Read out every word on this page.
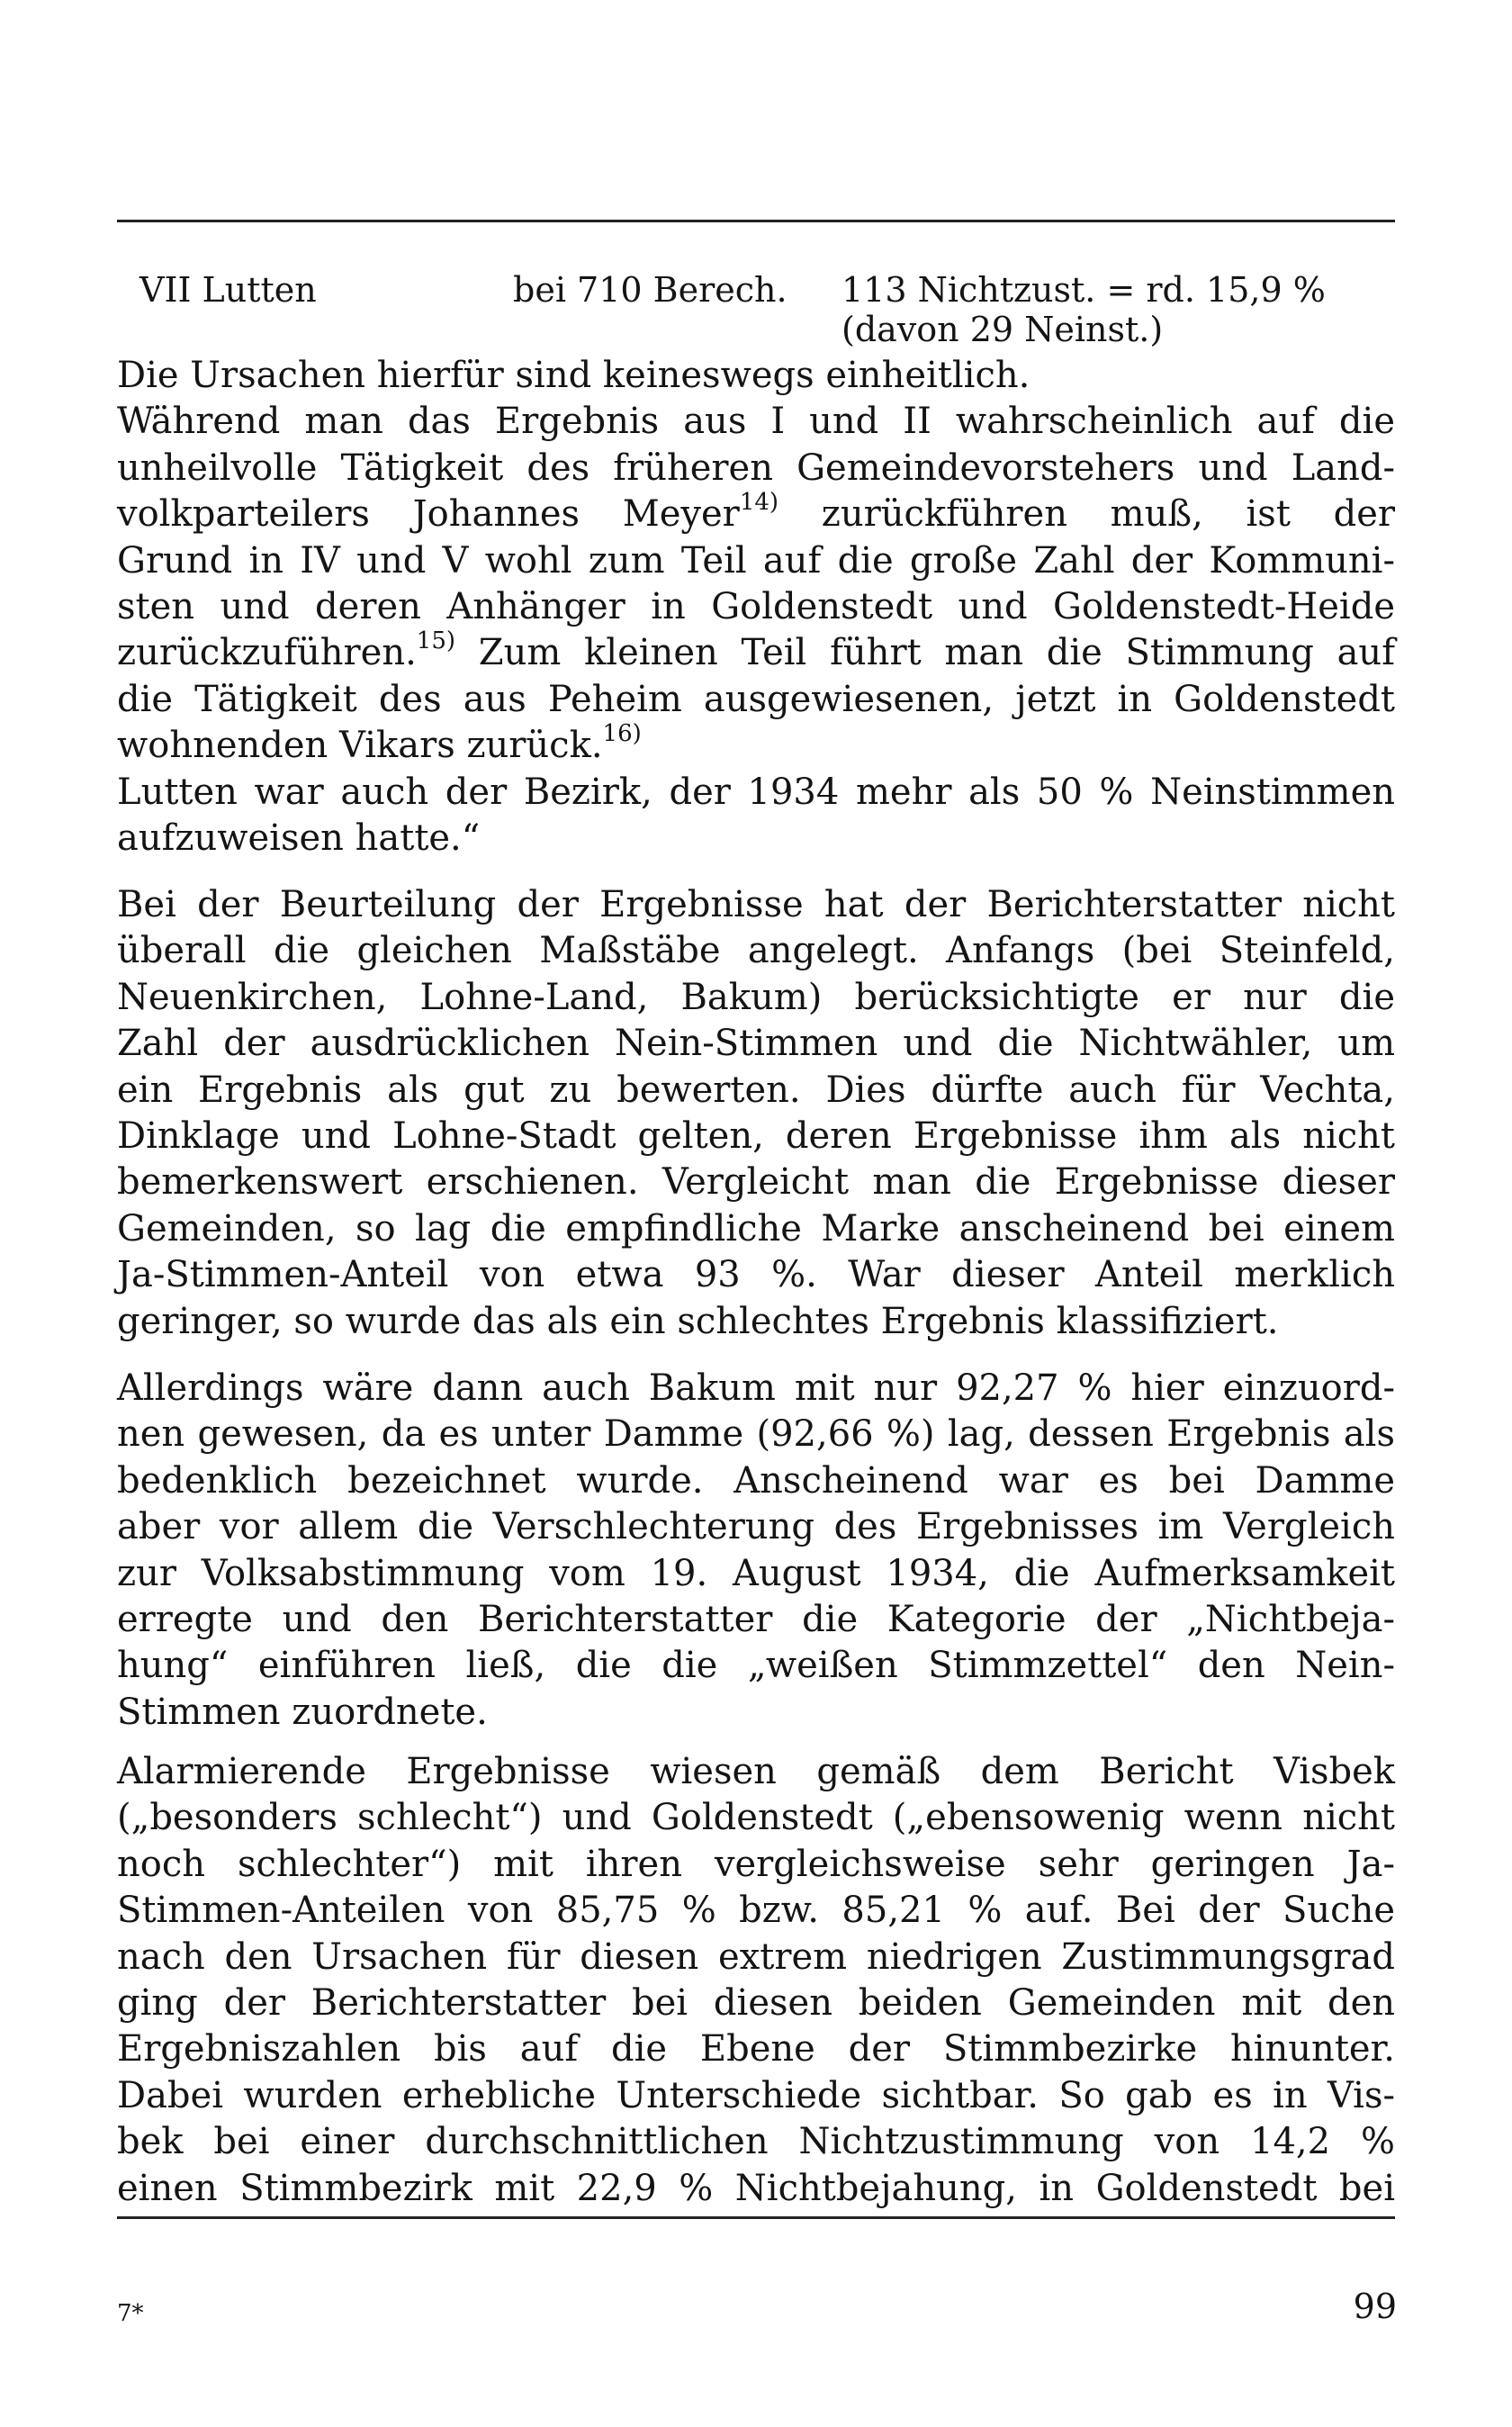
VII Lutten	bei 710 Berech. 113 Nichtzust. = rd. 15,9 %
(davon 29 Neinst.)
Die Ursachen hierfür sind keineswegs einheitlich.
Während man das Ergebnis aus I und II wahrscheinlich auf die
unheilvolle Tätigkeit des früheren Gemeindevorstehers und Land-
volkparteilers Johannes Meyer$^{14)}$ zurückführen muß, ist der
Grund in IV und V wohl zum Teil auf die große Zahl der Kommuni-
sten und deren Anhänger in Goldenstedt und Goldenstedt-Heide
zurückzuführen.$^{15)}$ Zum kleinen Teil führt man die Stimmung auf
die Tätigkeit des aus Peheim ausgewiesenen, jetzt in Goldenstedt
wohnenden Vikars zurück.$^{16)}$
Lutten war auch der Bezirk, der 1934 mehr als 50 % Neinstimmen
aufzuweisen hatte.“
Bei der Beurteilung der Ergebnisse hat der Berichterstatter nicht
überall die gleichen Maßstäbe angelegt. Anfangs (bei Steinfeld,
Neuenkirchen, Lohne-Land, Bakum) berücksichtigte er nur die
Zahl der ausdrücklichen Nein-Stimmen und die Nichtwähler, um
ein Ergebnis als gut zu bewerten. Dies dürfte auch für Vechta,
Dinklage und Lohne-Stadt gelten, deren Ergebnisse ihm als nicht
bemerkenswert erschienen. Vergleicht man die Ergebnisse dieser
Gemeinden, so lag die empfindliche Marke anscheinend bei einem
Ja-Stimmen-Anteil von etwa 93 %. War dieser Anteil merklich
geringer, so wurde das als ein schlechtes Ergebnis klassifiziert.
Allerdings wäre dann auch Bakum mit nur 92,27 % hier einzuord-
nen gewesen, da es unter Damme (92,66 %) lag, dessen Ergebnis als
bedenklich bezeichnet wurde. Anscheinend war es bei Damme
aber vor allem die Verschlechterung des Ergebnisses im Vergleich
zur Volksabstimmung vom 19. August 1934, die Aufmerksamkeit
erregte und den Berichterstatter die Kategorie der „Nichtbeja-
hung“ einführen ließ, die die „weißen Stimmzettel“ den Nein-
Stimmen zuordnete.
Alarmierende Ergebnisse wiesen gemäß dem Bericht Visbek
(„besonders schlecht“) und Goldenstedt („ebensowenig wenn nicht
noch schlechter“) mit ihren vergleichsweise sehr geringen Ja-
Stimmen-Anteilen von 85,75 % bzw. 85,21 % auf. Bei der Suche
nach den Ursachen für diesen extrem niedrigen Zustimmungsgrad
ging der Berichterstatter bei diesen beiden Gemeinden mit den
Ergebniszahlen bis auf die Ebene der Stimmbezirke hinunter.
Dabei wurden erhebliche Unterschiede sichtbar. So gab es in Vis-
bek bei einer durchschnittlichen Nichtzustimmung von 14,2 %
einen Stimmbezirk mit 22,9 % Nichtbejahung, in Goldenstedt bei
7*	99
